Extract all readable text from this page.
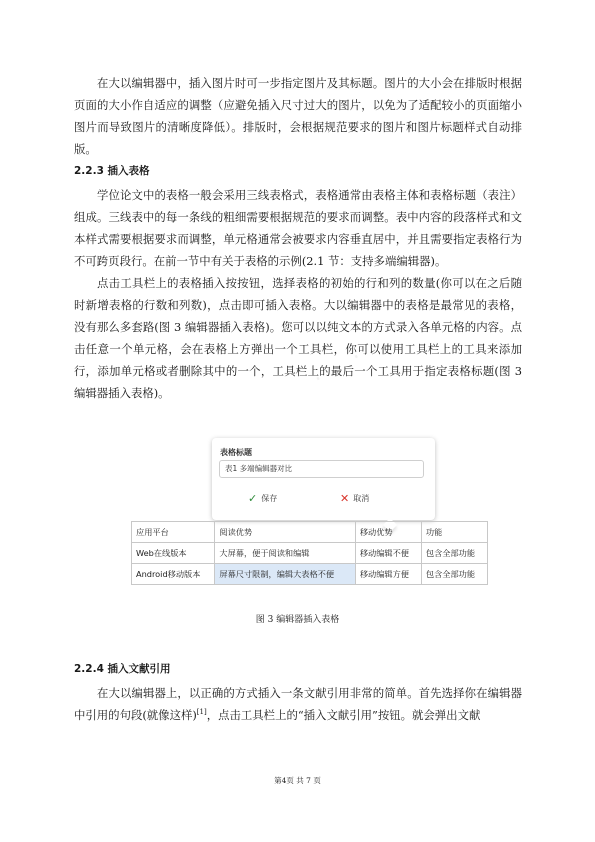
· · ·

在大以编辑器中，插入图片时可一步指定图片及其标题。图片的大小会在排版时根据页面的大小作自适应的调整（应避免插入尺寸过大的图片，以免为了适配较小的页面缩小图片而导致图片的清晰度降低）。排版时，会根据规范要求的图片和图片标题样式自动排版。

2.2.3 插入表格

学位论文中的表格一般会采用三线表格式，表格通常由表格主体和表格标题（表注）组成。三线表中的每一条线的粗细需要根据规范的要求而调整。表中内容的段落样式和文本样式需要根据要求而调整，单元格通常会被要求内容垂直居中，并且需要指定表格行为不可跨页段行。在前一节中有关于表格的示例(2.1 节：支持多端编辑器)。

点击工具栏上的表格插入按按钮，选择表格的初始的行和列的数量(你可以在之后随时新增表格的行数和列数)，点击即可插入表格。大以编辑器中的表格是最常见的表格，没有那么多套路(图 3 编辑器插入表格)。您可以以纯文本的方式录入各单元格的内容。点击任意一个单元格，会在表格上方弹出一个工具栏，你可以使用工具栏上的工具来添加行，添加单元格或者删除其中的一个，工具栏上的最后一个工具用于指定表格标题(图 3 编辑器插入表格)。

表格标题
表1 多端编辑器对比
✓ 保存	✕ 取消
应用平台	阅读优势	移动优势	功能
Web在线版本	大屏幕，便于阅读和编辑	移动编辑不便	包含全部功能
Android移动版本	屏幕尺寸限制，编辑大表格不便	移动编辑方便	包含全部功能

图 3 编辑器插入表格

2.2.4 插入文献引用

在大以编辑器上，以正确的方式插入一条文献引用非常的简单。首先选择你在编辑器中引用的句段(就像这样)[1]，点击工具栏上的“插入文献引用”按钮。就会弹出文献

第4页 共 7 页
